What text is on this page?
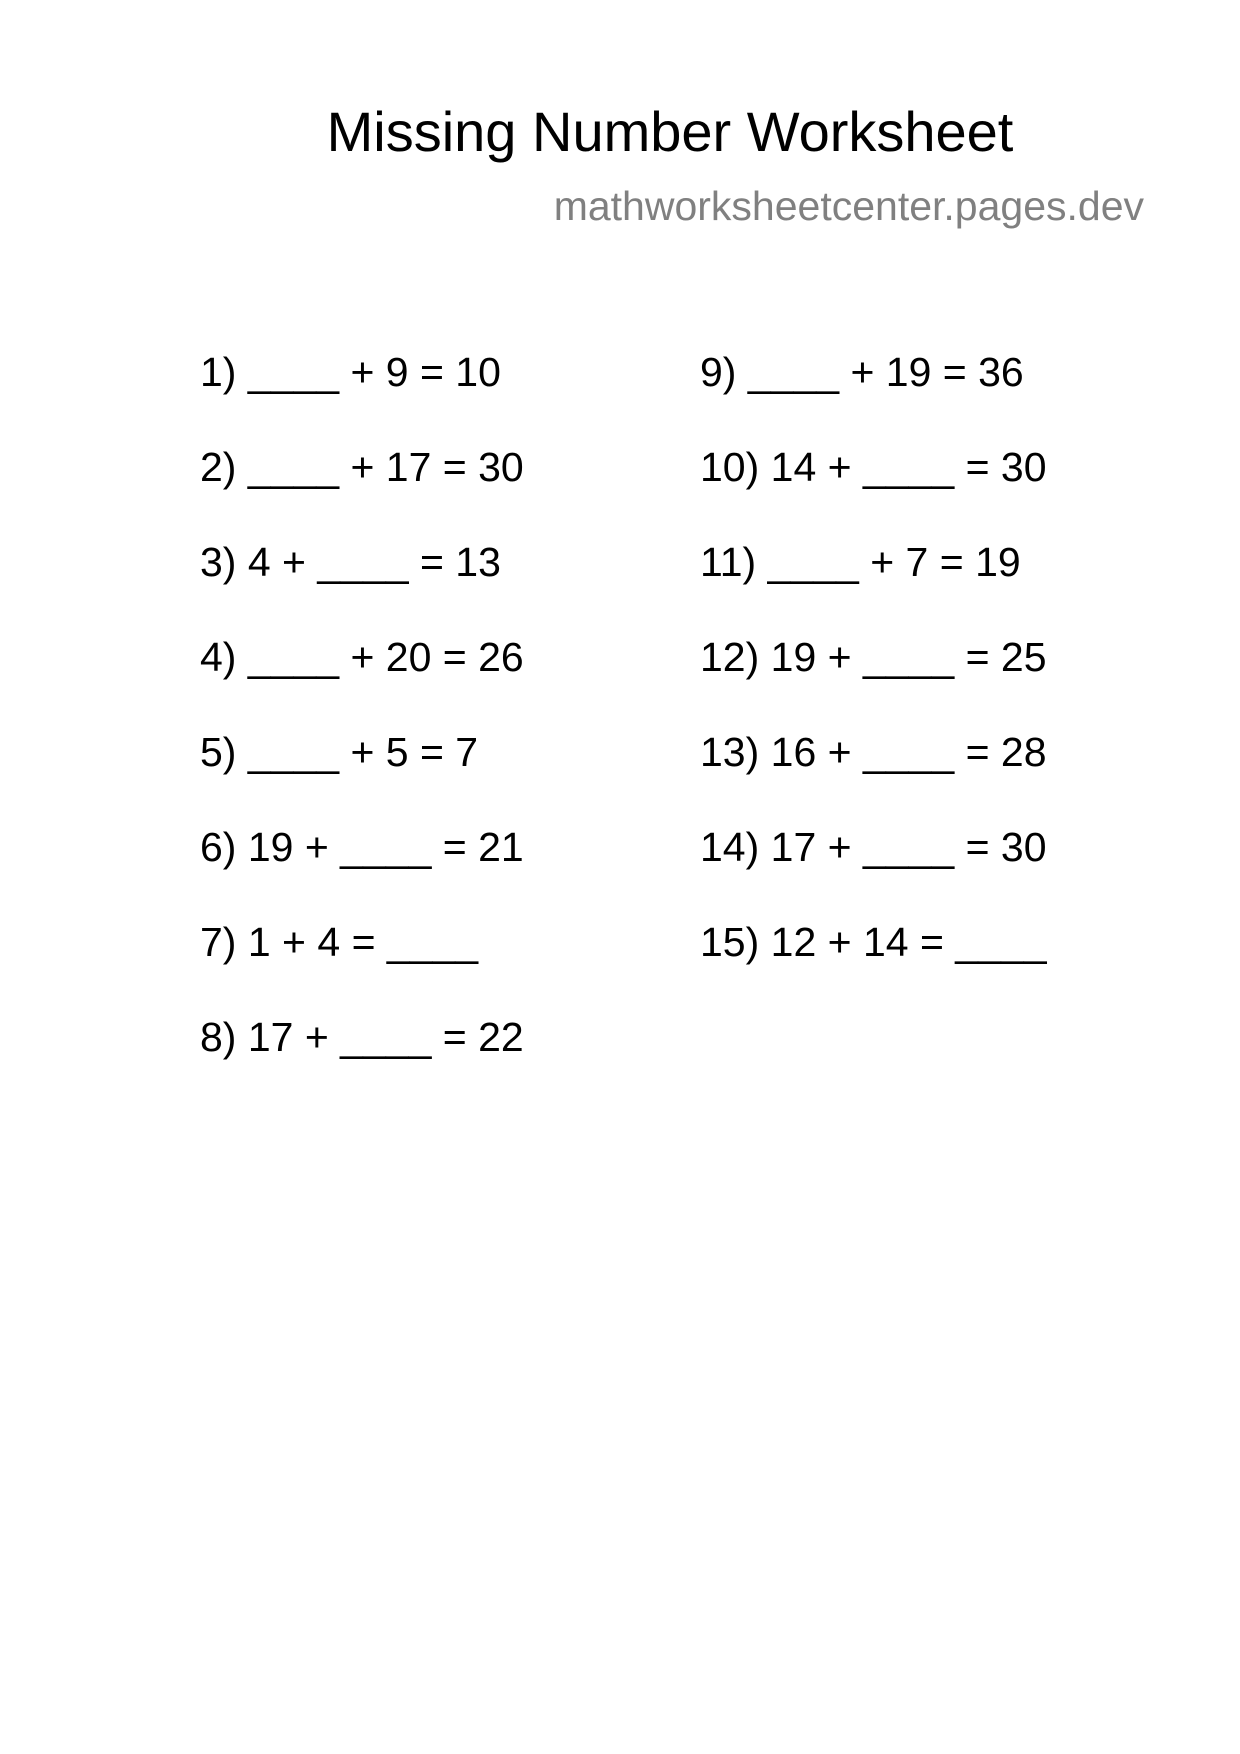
Missing Number Worksheet
mathworksheetcenter.pages.dev
1) ____ + 9 = 10
2) ____ + 17 = 30
3) 4 + ____ = 13
4) ____ + 20 = 26
5) ____ + 5 = 7
6) 19 + ____ = 21
7) 1 + 4 = ____
8) 17 + ____ = 22
9) ____ + 19 = 36
10) 14 + ____ = 30
11) ____ + 7 = 19
12) 19 + ____ = 25
13) 16 + ____ = 28
14) 17 + ____ = 30
15) 12 + 14 = ____
